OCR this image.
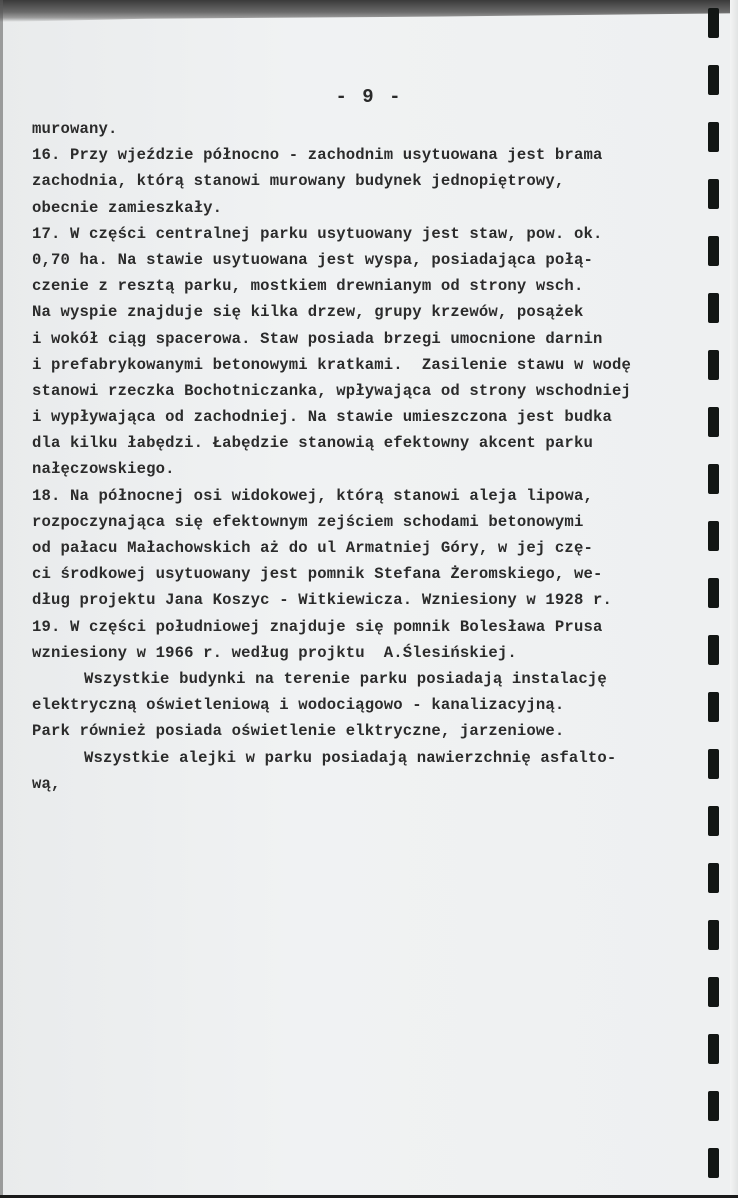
- 9 -
murowany.
16. Przy wjeździe północno - zachodnim usytuowana jest brama
zachodnia, którą stanowi murowany budynek jednopiętrowy,
obecnie zamieszkały.
17. W części centralnej parku usytuowany jest staw, pow. ok.
0,70 ha. Na stawie usytuowana jest wyspa, posiadająca połą-
czenie z resztą parku, mostkiem drewnianym od strony wsch.
Na wyspie znajduje się kilka drzew, grupy krzewów, posążek
i wokół ciąg spacerowa. Staw posiada brzegi umocnione darnin
i prefabrykowanymi betonowymi kratkami.  Zasilenie stawu w wodę
stanowi rzeczka Bochotniczanka, wpływająca od strony wschodniej
i wypływająca od zachodniej. Na stawie umieszczona jest budka
dla kilku łabędzi. Łabędzie stanowią efektowny akcent parku
nałęczowskiego.
18. Na północnej osi widokowej, którą stanowi aleja lipowa,
rozpoczynająca się efektownym zejściem schodami betonowymi
od pałacu Małachowskich aż do ul Armatniej Góry, w jej czę-
ci środkowej usytuowany jest pomnik Stefana Żeromskiego, we-
dług projektu Jana Koszyc - Witkiewicza. Wzniesiony w 1928 r.
19. W części południowej znajduje się pomnik Bolesława Prusa
wzniesiony w 1966 r. według projktu  A.Ślesińskiej.
Wszystkie budynki na terenie parku posiadają instalację
elektryczną oświetleniową i wodociągowo - kanalizacyjną.
Park również posiada oświetlenie elktryczne, jarzeniowe.
Wszystkie alejki w parku posiadają nawierzchnię asfalto-
wą,
